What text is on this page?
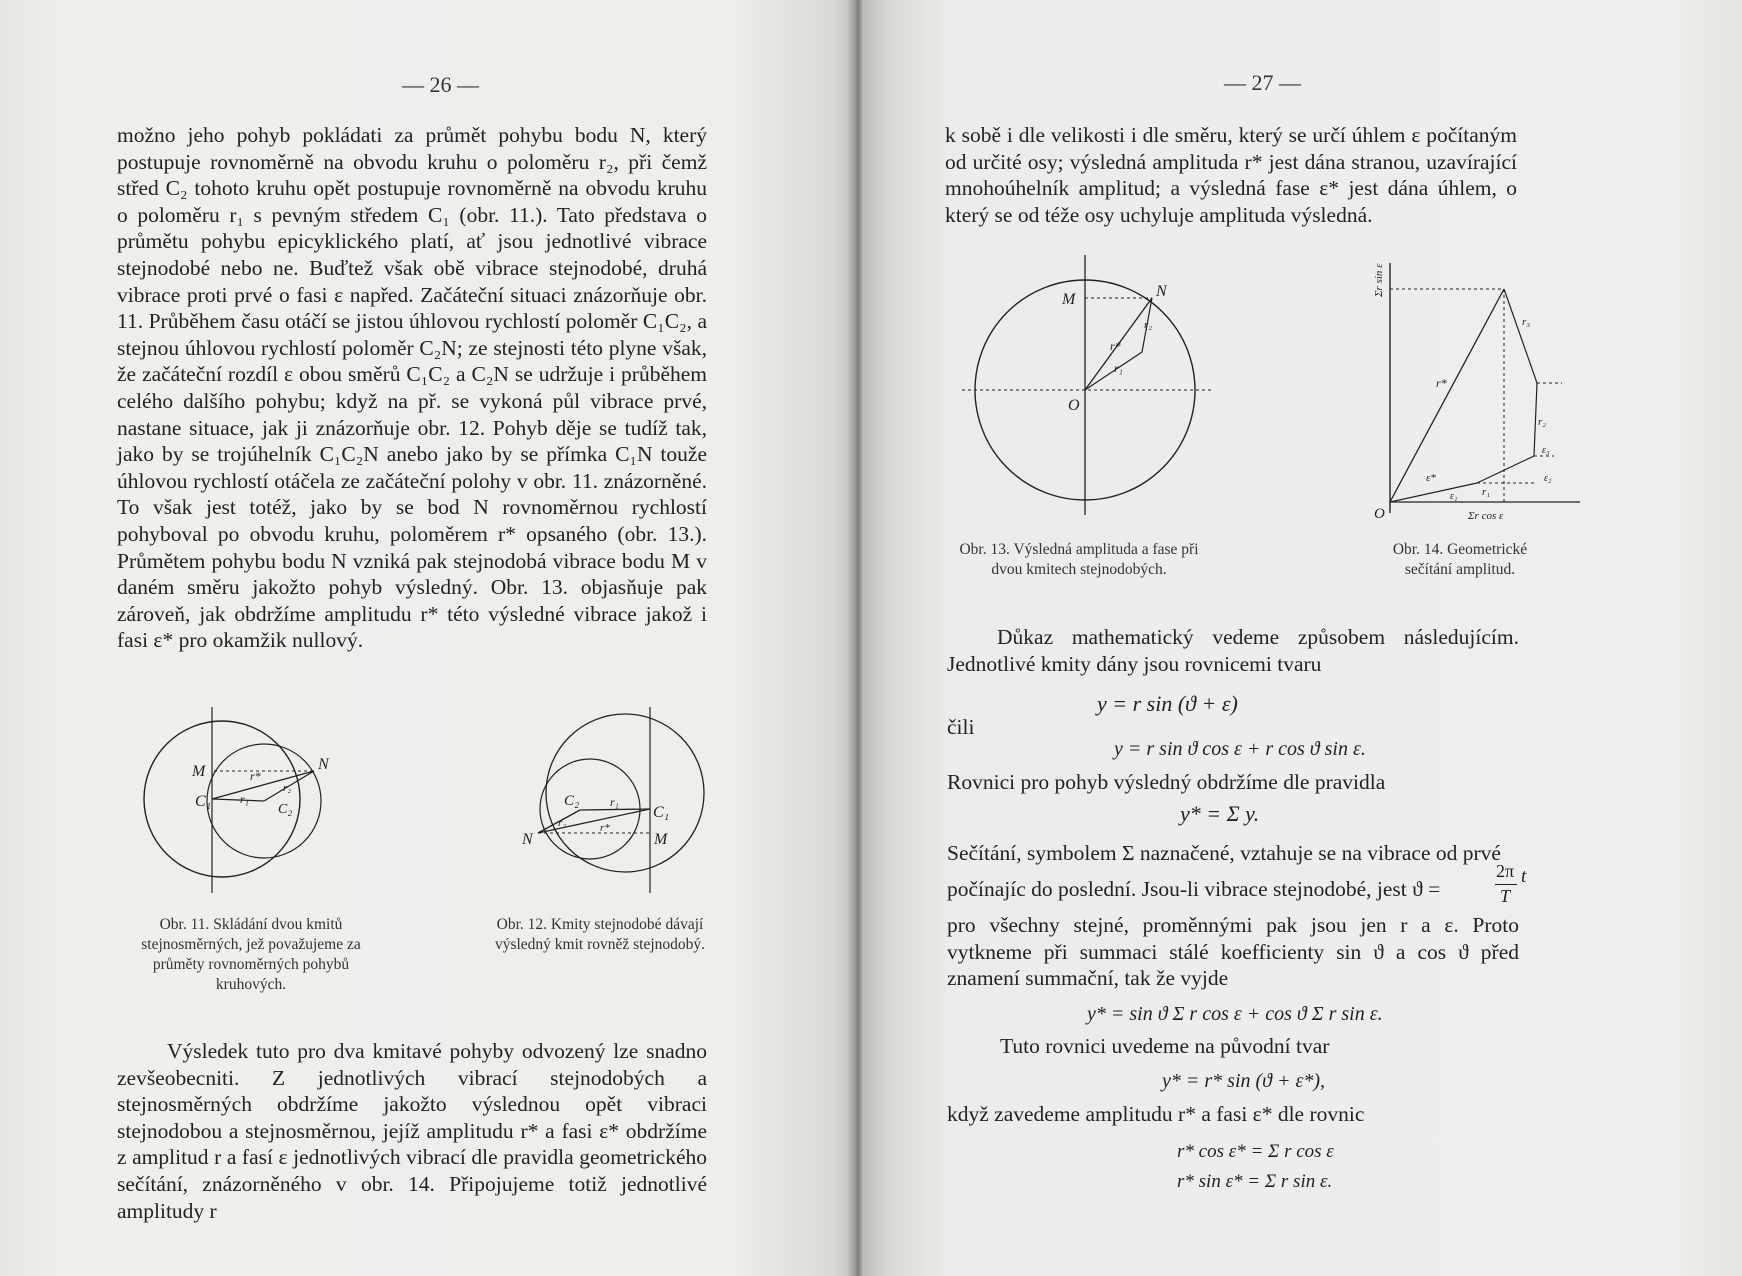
— 26 —

možno jeho pohyb pokládati za průmět pohybu bodu N, který postupuje rovnoměrně na obvodu kruhu o poloměru r₂, při čemž střed C₂ tohoto kruhu opět postupuje rovnoměrně na obvodu kruhu o poloměru r₁ s pevným středem C₁ (obr. 11.). Tato představa o průmětu pohybu epicyklického platí, ať jsou jednotlivé vibrace stejnodobé nebo ne. Buďtež však obě vibrace stejnodobé, druhá vibrace proti prvé o fasi ε napřed. Začáteční situaci znázorňuje obr. 11. Průběhem času otáčí se jistou úhlovou rychlostí poloměr C₁C₂, a stejnou úhlovou rychlostí poloměr C₂N; ze stejnosti této plyne však, že začáteční rozdíl ε obou směrů C₁C₂ a C₂N se udržuje i průběhem celého dalšího pohybu; když na př. se vykoná půl vibrace prvé, nastane situace, jak ji znázorňuje obr. 12. Pohyb děje se tudíž tak, jako by se trojúhelník C₁C₂N anebo jako by se přímka C₁N touže úhlovou rychlostí otáčela ze začáteční polohy v obr. 11. znázorněné. To však jest totéž, jako by se bod N rovnoměrnou rychlostí pohyboval po obvodu kruhu, poloměrem r* opsaného (obr. 13.). Průmětem pohybu bodu N vzniká pak stejnodobá vibrace bodu M v daném směru jakožto pohyb výsledný. Obr. 13. objasňuje pak zároveň, jak obdržíme amplitudu r* této výsledné vibrace jakož i fasi ε* pro okamžik nullový.

M	N
C₁	C₂
r*
r₁
r₂
N	M
C₁
C₂	r₁
r*
r₂
Obr. 11. Skládání dvou kmitů stejnosměrných, jež považujeme za průměty rovnoměrných pohybů kruhových.
Obr. 12. Kmity stejnodobé dávají výsledný kmit rovněž stejnodobý.

Výsledek tuto pro dva kmitavé pohyby odvozený lze snadno zevšeobecniti. Z jednotlivých vibrací stejnodobých a stejnosměrných obdržíme jakožto výslednou opět vibraci stejnodobou a stejnosměrnou, jejíž amplitudu r* a fasi ε* obdržíme z amplitud r a fasí ε jednotlivých vibrací dle pravidla geometrického sečítání, znázorněného v obr. 14. Připojujeme totiž jednotlivé amplitudy r

— 27 —

k sobě i dle velikosti i dle směru, který se určí úhlem ε počítaným od určité osy; výsledná amplituda r* jest dána stranou, uzavírající mnohoúhelník amplitud; a výsledná fase ε* jest dána úhlem, o který se od téže osy uchyluje amplituda výsledná.

M	N
O
r*
r₁
r₂
Σr sin ε
O	Σr cos ε
r*
ε*
ε₁ r₁
ε₂
r₂
ε₃
r₃
Obr. 13. Výsledná amplituda a fase při dvou kmitech stejnodobých.
Obr. 14. Geometrické sečítání amplitud.

Důkaz mathematický vedeme způsobem následujícím. Jednotlivé kmity dány jsou rovnicemi tvaru

y = r sin (ϑ + ε)
čili
y = r sin ϑ cos ε + r cos ϑ sin ε.
Rovnici pro pohyb výsledný obdržíme dle pravidla
y* = Σ y.
Sečítání, symbolem Σ naznačené, vztahuje se na vibrace od prvé
počínajíc do poslední. Jsou-li vibrace stejnodobé, jest ϑ =
2π
T
t

pro všechny stejné, proměnnými pak jsou jen r a ε. Proto vytkneme při summaci stálé koefficienty sin ϑ a cos ϑ před znamení summační, tak že vyjde

y* = sin ϑ Σ r cos ε + cos ϑ Σ r sin ε.
Tuto rovnici uvedeme na původní tvar
y* = r* sin (ϑ + ε*),
když zavedeme amplitudu r* a fasi ε* dle rovnic
r* cos ε* = Σ r cos ε
r* sin ε* = Σ r sin ε.
